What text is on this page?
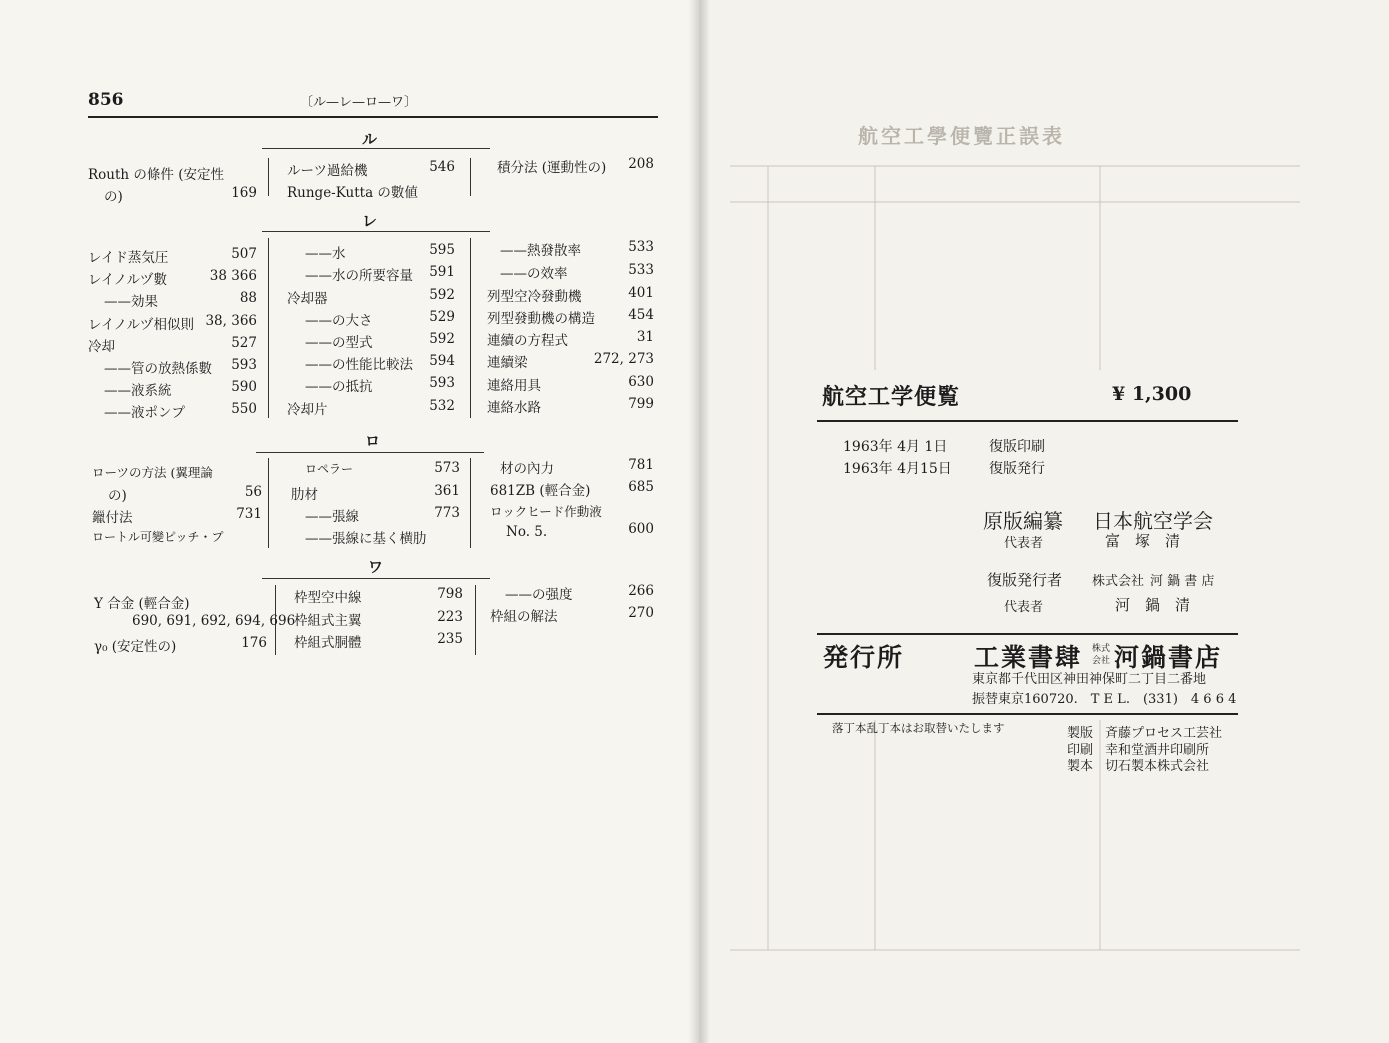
856	〔ル—レ—ロ—ワ〕
ル
Routh の條件 (安定性
の)	169
ルーツ過給機	546
Runge-Kutta の數値
積分法 (運動性の)	208
レ
レイド蒸気圧	507
レイノルヅ數	38 366
——効果	88
レイノルヅ相似則 38, 366
冷却	527
——管の放熱係數	593
——液系統	590
——液ポンプ	550
——水	595
——水の所要容量	591
冷却器	592
——の大さ	529
——の型式	592
——の性能比較法	594
——の抵抗	593
冷却片	532
——熱發散率	533
——の效率	533
列型空冷發動機	401
列型發動機の構造	454
連續の方程式	31
連續梁	272, 273
連絡用具	630
連絡水路	799
ロ
ローツの方法 (翼理論
の)	56
鑞付法	731
ロートル可變ピッチ・プ
ロペラー	573
肋材	361
——張線	773
——張線に基く横肋
材の內力	781
681ZB (輕合金)	685
ロックヒード作動液
No. 5.	600
ワ
Y 合金 (輕合金)
690, 691, 692, 694, 696
γ₀ (安定性の)	176
枠型空中線	798
枠組式主翼	223
枠組式胴體	235
——の强度	266
枠組の解法	270
航空工學便覽正誤表
航空工学便覧	¥ 1,300
1963年 4月 1日	復版印刷
1963年 4月15日	復版発行
原版編纂 日本航空学会
代表者	富　塚　清
復版発行者 株式会社 河 鍋 書 店
代表者	河　鍋　清
発行所	工業書肆 株式
会社 河鍋書店
東京都千代田区神田神保町二丁目二番地
振替東京160720.　T E L.　(331)　4 6 6 4
落丁本乱丁本はお取替いたします	製版 斉藤プロセス工芸社
印刷 幸和堂酒井印刷所
製本 切石製本株式会社
